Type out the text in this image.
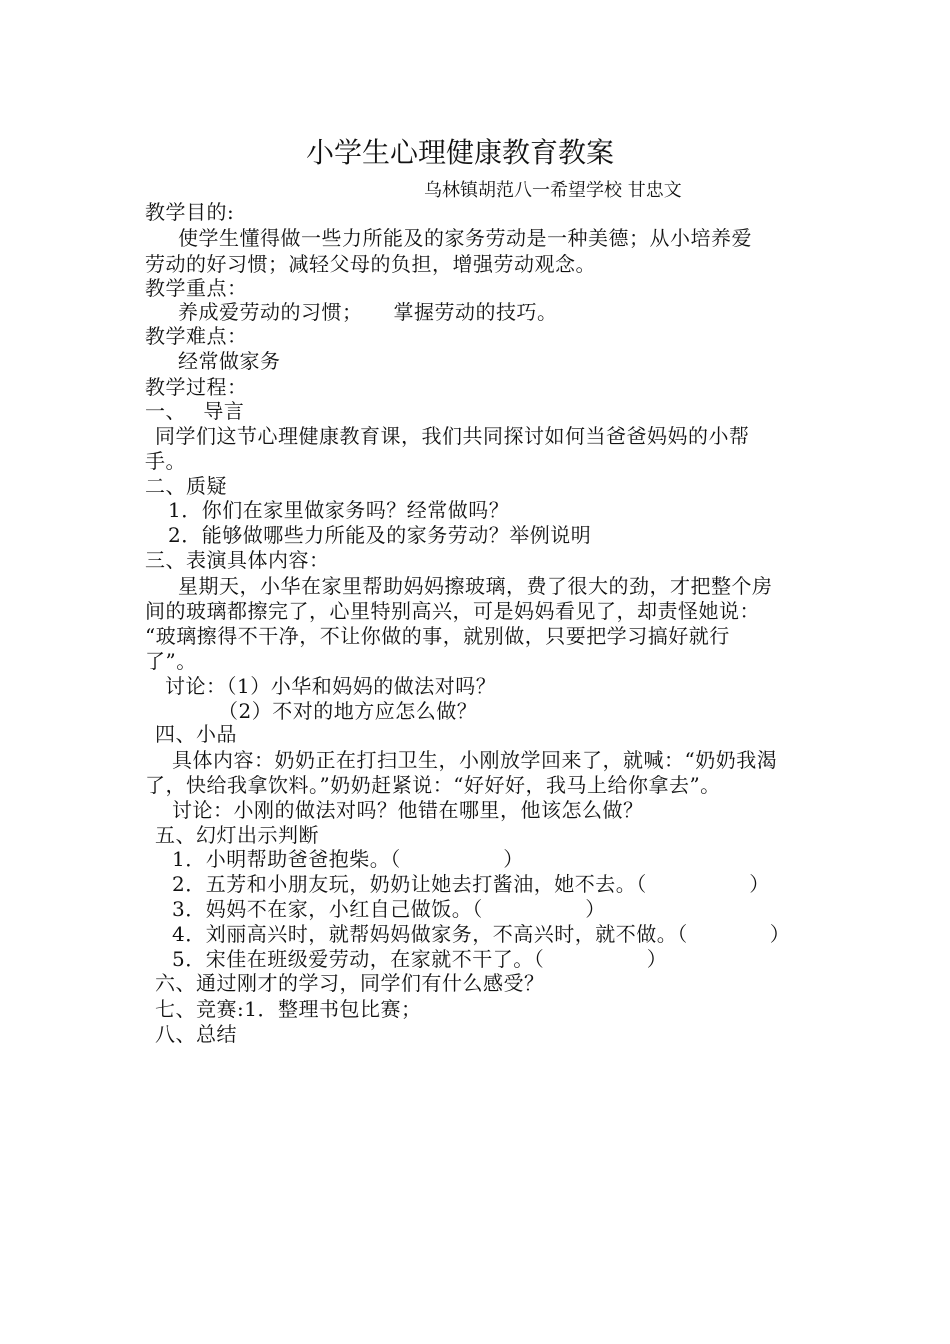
小学生心理健康教育教案
乌林镇胡范八一希望学校 甘忠文
教学目的:
使学生懂得做一些力所能及的家务劳动是一种美德；从小培养爱
劳动的好习惯；减轻父母的负担，增强劳动观念。
教学重点：
养成爱劳动的习惯；　　掌握劳动的技巧。
教学难点：
经常做家务
教学过程：
一、　 导言
同学们这节心理健康教育课，我们共同探讨如何当爸爸妈妈的小帮
手。
二、质疑
1．你们在家里做家务吗？经常做吗？
2．能够做哪些力所能及的家务劳动？举例说明
三、表演具体内容：
星期天，小华在家里帮助妈妈擦玻璃，费了很大的劲，才把整个房
间的玻璃都擦完了，心里特别高兴，可是妈妈看见了，却责怪她说：
“玻璃擦得不干净，不让你做的事，就别做，只要把学习搞好就行
了”。
讨论：（1）小华和妈妈的做法对吗？
（2）不对的地方应怎么做？
四、小品
具体内容：奶奶正在打扫卫生，小刚放学回来了，就喊：“奶奶我渴
了，快给我拿饮料。”奶奶赶紧说：“好好好，我马上给你拿去”。
讨论：小刚的做法对吗？他错在哪里，他该怎么做？
五、幻灯出示判断
1．小明帮助爸爸抱柴。（　　　　　）
2．五芳和小朋友玩，奶奶让她去打酱油，她不去。（　　　　　）
3．妈妈不在家，小红自己做饭。（　　　　　）
4．刘丽高兴时，就帮妈妈做家务，不高兴时，就不做。（　　　　）
5．宋佳在班级爱劳动，在家就不干了。（　　　　　）
六、通过刚才的学习，同学们有什么感受？
七、竞赛:1．整理书包比赛；
八、总结
